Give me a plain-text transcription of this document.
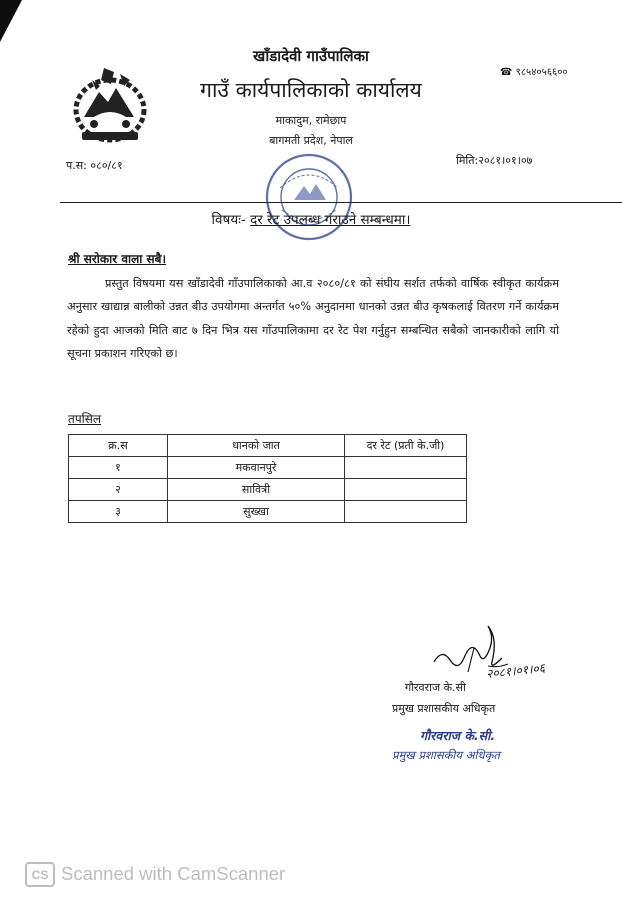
खाँडादेवी गाउँपालिका
गाउँ कार्यपालिकाको कार्यालय
माकादुम, रामेछाप
बागमती प्रदेश, नेपाल
☎ ९८५४०५६६००
प.स: ०८०/८१	मिति:२०८१।०१।०७
विषयः- दर रेट उपलब्ध गराउने सम्बन्धमा।
श्री सरोकार वाला सबै।
प्रस्तुत विषयमा यस खाँडादेवी गाँउपालिकाको आ.व २०८०/८१ को संघीय सर्शत तर्फको वार्षिक स्वीकृत कार्यक्रम अनुसार खाद्यान्न बालीको उन्नत बीउ उपयोगमा अन्तर्गत ५०% अनुदानमा धानको उन्नत बीउ कृषकलाई वितरण गर्ने कार्यक्रम रहेको हुदा आजको मिति बाट ७ दिन भित्र यस गाँउपालिकामा दर रेट पेश गर्नुहुन सम्बन्धित सबैको जानकारीको लागि यो सूचना प्रकाशन गरिएको छ।
तपसिल
क्र.स	धानको जात	दर रेट (प्रती के.जी)
१	मकवानपुरे	
२	सावित्री	
३	सुख्खा	
२०८१।०१।०६
गौरवराज के.सी
प्रमुख प्रशासकीय अधिकृत
गौरवराज के.सी.
प्रमुख प्रशासकीय अधिकृत
CS Scanned with CamScanner
